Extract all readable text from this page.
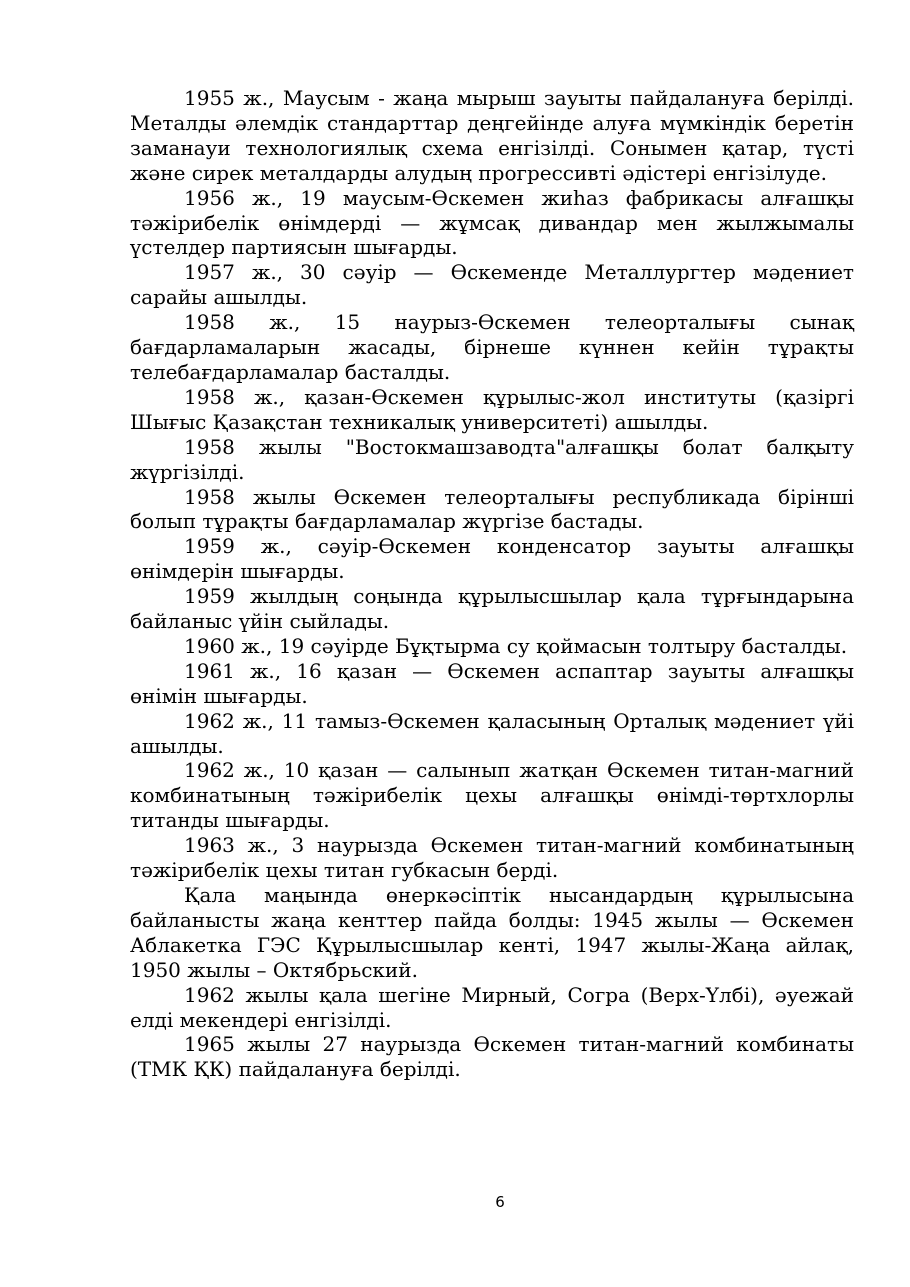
1955 ж., Маусым - жаңа мырыш зауыты пайдалануға берілді. Металды әлемдік стандарттар деңгейінде алуға мүмкіндік беретін заманауи технологиялық схема енгізілді. Сонымен қатар, түсті және сирек металдарды алудың прогрессивті әдістері енгізілуде.

1956 ж., 19 маусым-Өскемен жиһаз фабрикасы алғашқы тәжірибелік өнімдерді — жұмсақ дивандар мен жылжымалы үстелдер партиясын шығарды.

1957 ж., 30 сәуір — Өскеменде Металлургтер мәдениет сарайы ашылды.

1958 ж., 15 наурыз-Өскемен телеорталығы сынақ бағдарламаларын жасады, бірнеше күннен кейін тұрақты телебағдарламалар басталды.

1958 ж., қазан-Өскемен құрылыс-жол институты (қазіргі Шығыс Қазақстан техникалық университеті) ашылды.

1958 жылы "Востокмашзаводта"алғашқы болат балқыту жүргізілді.

1958 жылы Өскемен телеорталығы республикада бірінші болып тұрақты бағдарламалар жүргізе бастады.

1959 ж., сәуір-Өскемен конденсатор зауыты алғашқы өнімдерін шығарды.

1959 жылдың соңында құрылысшылар қала тұрғындарына байланыс үйін сыйлады.

1960 ж., 19 сәуірде Бұқтырма су қоймасын толтыру басталды.

1961 ж., 16 қазан — Өскемен аспаптар зауыты алғашқы өнімін шығарды.

1962 ж., 11 тамыз-Өскемен қаласының Орталық мәдениет үйі ашылды.

1962 ж., 10 қазан — салынып жатқан Өскемен титан-магний комбинатының тәжірибелік цехы алғашқы өнімді-төртхлорлы титанды шығарды.

1963 ж., 3 наурызда Өскемен титан-магний комбинатының тәжірибелік цехы титан губкасын берді.

Қала маңында өнеркәсіптік нысандардың құрылысына байланысты жаңа кенттер пайда болды: 1945 жылы — Өскемен Аблакетка ГЭС Құрылысшылар кенті, 1947 жылы-Жаңа айлақ, 1950 жылы – Октябрьский.

1962 жылы қала шегіне Мирный, Согра (Верх-Үлбі), әуежай елді мекендері енгізілді.

1965 жылы 27 наурызда Өскемен титан-магний комбинаты (ТМК ҚК) пайдалануға берілді.

6
